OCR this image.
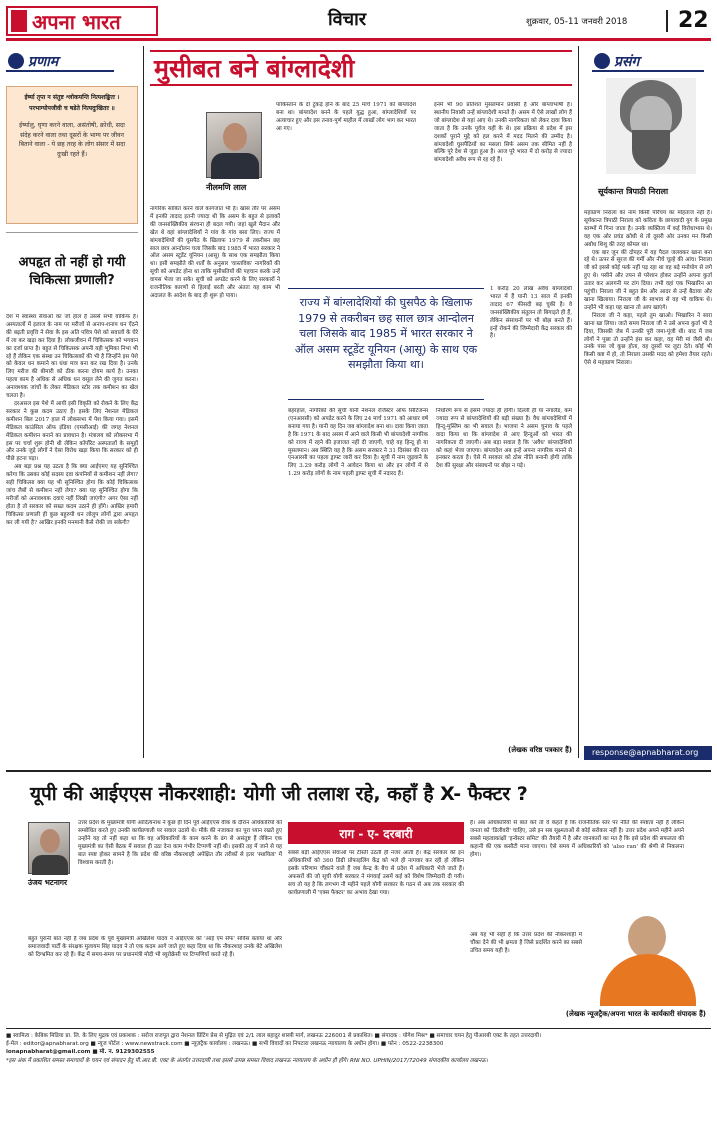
अपना भारत	विचार	शुक्रवार, 05-11 जनवरी 2018 22
प्रणाम

ईर्ष्या तृप्त न संतुष्ट श्लोकयन्ति नित्यशङ्कितः ।

परभाग्योपजीवी च षडेते नित्यदुःखिताः ॥

ईर्ष्यालु, घृणा करने वाला, असंतोषी, क्रोधी, सदा संदेह करने वाला तथा दूसरों के भाग्य पर जीवन बिताने वाला - ये छह तरह के लोग संसार में सदा दुःखी रहते हैं।

अपहृत तो नहीं हो गयी चिकित्सा प्रणाली?

देश में स्वास्थ्य सेवाओं का जो हाल है उससे सभी वाकिफ हैं। अस्पतालों में इलाज के नाम पर मरीजों से अनाप-शनाप धन ऐंठने की बढ़ती प्रवृत्ति ने सेवा के इस अति पवित्र पेशे को सवालों के घेरे में ला कर खड़ा कर दिया है। लोकजीवन में चिकित्सक को भगवान का दर्जा प्राप्त है। बहुत से चिकित्सक अपनी यही भूमिका निभा भी रहे हैं लेकिन एक संस्था उन चिकित्सकों की भी है जिन्होंने इस पेशे को केवल धन कमाने का धंधा मात्र बना कर रख दिया है। उनके लिए मरीज की बीमारी को ठीक करना दोयम कार्य है। उनका पहला काम है अधिक से अधिक धन वसूल लेने की जुगत करना। अनावश्यक जांचों के लेकर मेडिकल स्टोर तक कमीशन का खेल चलता है।

दरअसल इस पेशे में आयी इसी विकृति को रोकने के लिए केंद्र सरकार ने कुछ कदम उठाए हैं। इसके लिए नेशनल मेडिकल कमीशन बिल 2017 हाल में लोकसभा में पेश किया गया। इसमें मेडिकल काउंसिल ऑफ इंडिया (एमसीआई) की जगह नेशनल मेडिकल कमीशन बनाने का प्रावधान है। मंत्रालय को लोकसभा में इस पर चर्चा शुरू होनी थी लेकिन कॉर्पोरेट अस्पतालों के समूहों और उनके जुड़े लोगों ने ऐसा विरोध खड़ा किया कि सरकार को ही पीछे हटना पड़ा।

अब बड़ा प्रश्न यह उठता है कि क्या आईएमए यह सुनिश्चित करेगा कि उसका कोई सदस्य दवा कंपनियों से कमीशन नहीं लेगा? सही चिकित्सा क्या यह भी सुनिश्चित होगा कि कोई चिकित्सक जांच लैबों से कमीशन नहीं लेगा? क्या यह सुनिश्चित होगा कि मरीजों को अनावश्यक दवाएं नहीं लिखी जाएंगी? अगर ऐसा नहीं होता है तो सरकार को सख्त कदम उठाने ही होंगे। आखिर हमारी चिकित्सा प्रणाली ही कुछ बहुरुपी धन लोलुप लोगों द्वारा अपहृत कर ली गयी है? आखिर इनकी मनमानी कैसे रोकी जा सकेगी?

मुसीबत बने बांग्लादेशी
नीलमणि लाल

पाकिस्तान के दो टुकड़े होने के बाद 25 मार्च 1971 को बांग्लादेश बना था। बांग्लादेश बनने के पहले युद्ध हुआ, बांग्लादेशियों पर अत्याचार हुए और इस तनाव-पूर्ण माहौल में लाखों लोग भाग कर भारत आ गए।

नागरिक साबित करने वाले कागजात भी हैं। खास तौर पर असम में इनकी तादाद इतनी ज्यादा थी कि असम के बहुत से इलाकों की जनसांख्यिकीय संरचना ही बदल गयी। जहां खुले मैदान और खेत थे वहां बांग्लादेशियों ने गांव के गांव बसा लिए। राज्य में बांग्लादेशियों की घुसपैठ के खिलाफ 1979 से तकरीबन छह साल छात्र आन्दोलन चला जिसके बाद 1985 में भारत सरकार ने ऑल असम स्टूडेंट यूनियन (आसू) के साथ एक समझौता किया था। इसी समझौते की शर्तों के अनुसार 'वास्तविक' नागरिकों की सूची को अपडेट होना था ताकि मुसीबतियों की पहचान करके उन्हें वापस भेजा जा सके। सूची को अपडेट करने के लिए सरकारों ने राजनीतिक कारणों से हिलाई बरती और अंततः यह काम भी अदालत के आदेश के बाद ही शुरू हो पाया।

इनमें भी 90 प्रतिशत मुसलमान प्रवासी हैं और बांग्लाभाषी हैं। स्थानीय निवासी उन्हें बांग्लादेशी मानते हैं। असम में ऐसे लाखों लोग हैं जो बांग्लादेश से यहां आए थे। उनकी नागरिकता को लेकर दावा किया जाता है कि उनके पूर्वज यहीं के थे। इस प्रक्रिया से प्रदेश में इस दशकों पुराने मुद्दे को हल करने में मदद मिलने की उम्मीद है। बांग्लादेशी घुसपैठियों का मसला सिर्फ असम तक सीमित नहीं है बल्कि पूरे देश से जुड़ा हुआ है। आज पूरे भारत में दो करोड़ से ज्यादा बांग्लादेशी अवैध रूप से रह रहे हैं।

1 करोड़ 20 लाख अवैध बांग्लादेशी भारत में हैं यानी 13 साल में इनकी तादाद 67 फीसदी बढ़ चुकी है। वे जनसांख्यिकीय संतुलन तो बिगाड़ते ही हैं, लेकिन संसाधनों पर भी बोझ बनते हैं। इन्हें रोकने की जिम्मेदारी केंद्र सरकार की है।

राज्य में बांग्लादेशियों की घुसपैठ के खिलाफ 1979 से तकरीबन छह साल छात्र आन्दोलन चला जिसके बाद 1985 में भारत सरकार ने ऑल असम स्टूडेंट यूनियन (आसू) के साथ एक समझौता किया था।

बहरहाल, नागरिकों की सूची यानी नेशनल रजिस्टर ऑफ सिटिजन्स (एनआरसी) को अपडेट करने के लिए 24 मार्च 1971 को आधार वर्ष बनाया गया है। यानी वह दिन जब बांग्लादेश बना था। दावा किया जाता है कि 1971 के बाद असम में आने वाले किसी भी बांग्लादेशी नागरिक को राज्य में रहने की इजाजत नहीं दी जाएगी, चाहे वह हिन्दू हो या मुसलमान। अब स्थिति यह है कि असम सरकार ने 31 दिसंबर की रात एनआरसी का पहला ड्राफ्ट जारी कर दिया है। सूची में नाम जुड़वाने के लिए 3.29 करोड़ लोगों ने आवेदन किया था और इन लोगों में से 1.29 करोड़ लोगों के नाम पहली ड्राफ्ट सूची में नदारद हैं।

निर्धारण रूप से इसमें ज्यादा ही होगी। दिल्ली ही या नगालैंड, कम ज्यादा रूप से बांग्लादेशियों की बड़ी संख्या है। वैध बांग्लादेशियों में हिन्दू-मुस्लिम का भी सवाल है। भाजपा ने असम चुनाव के पहले वादा किया था कि बांग्लादेश से आए हिन्दुओं को भारत की नागरिकता दी जाएगी। अब बड़ा सवाल है कि 'अवैध' बांग्लादेशियों को कहां भेजा जाएगा। बांग्लादेश अब इन्हें अपना नागरिक मानने से इनकार करता है। ऐसे में सरकार को ठोस नीति बनानी होगी ताकि देश की सुरक्षा और संसाधनों पर बोझ न पड़े।

(लेखक वरिष्ठ पत्रकार हैं)
प्रसंग
सूर्यकान्त त्रिपाठी निराला

महाप्राण निराला का नाम किसी परिचय का मोहताज नहीं है। सूर्यकान्त त्रिपाठी निराला को कविता के छायावादी युग के प्रमुख स्तम्भों में गिना जाता है। उनके व्यक्तित्व में कई विरोधाभास थे। वह एक ओर प्रचंड क्रोधी थे तो दूसरी ओर उनका मन किसी अबोध शिशु की तरह कोमल था।

एक बार जून की दोपहर में वह पैदल जलवकर खाना बना रहे थे। ऊपर से सूरज की गर्मी और नीचे चूल्हे की आंच। निराला जी को इससे कोई फर्क नहीं पड़ रहा था वह बड़े मनोयोग से लगे हुए थे। पसीने और तपन से परेशान होकर उन्होंने अपना कुर्ता उतार कर अलगनी पर टांग दिया। तभी वहां एक भिखारिन आ पहुंची। निराला जी ने बहुत प्रेम और आदर से उन्हें बैठाया और खाना खिलाया। निराला जी के स्वभाव से वह भी वाकिफ थे। उन्होंने भी कहा यह खाना तो आप खाएंगे।

निराला जी ने कहा, पहले तुम खाओ। भिखारिन ने सारा खाना खा लिया। जाते समय निराला जी ने उसे अपना कुर्ता भी दे दिया, जिसकी जेब में उनकी पूरी जमा-पूंजी थी। बाद में जब लोगों ने पूछा तो उन्होंने हंस कर कहा, वह मेरी मां जैसी थी। उनके पास जो कुछ होता, वह दूसरों पर लुटा देते। कोई भी किसी कष्ट में हो, तो निराला उसकी मदद को हमेशा तैयार रहते। ऐसे थे महाप्राण निराला।

response@apnabharat.org
यूपी की आईएएस नौकरशाही: योगी जी तलाश रहे, कहाँ है X- फैक्टर ?
उंजय भटनागर

उत्तर प्रदेश के मुख्यमंत्री योगी आदित्यनाथ ने कुछ ही दिन पूर्व आईएएस वीक के दौरान अधिकारियों को सम्बोधित करते हुए उनकी कार्यप्रणाली पर सवाल उठाये थे। मौके की नजाकत का पूरा ध्यान रखते हुए उन्होंने यह तो नहीं कहा था कि वह अधिकारियों के काम करने के ढंग से असंतुष्ट हैं लेकिन एक मुख्यमंत्री का ऐसी बैठक में सवाल ही उठा देना काम गंभीर टिप्पणी नहीं थी। इसकी तह में जाने से यह बात स्पष्ट होकर सामने है कि प्रदेश की वरिष्ठ नौकरशाही अपेक्षित तौर तरीकों से इतर 'स्थायित्व' में विश्वास करती है।

बहुत पुरानी बात नहीं है जब प्रदेश के पूर्व मुख्यमंत्री अखिलेश यादव ने आईएएस को 'आई एम सेफ' सर्विस बताया था और समाजवादी पार्टी के संरक्षक मुलायम सिंह यादव ने तो एक कदम आगे जाते हुए कहा दिया था कि नौकरशाह उनके बेटे अखिलेश को दिग्भ्रमित कर रहे हैं। केंद्र में समय-समय पर प्रधानमंत्री मोदी भी ब्यूरोक्रेसी पर टिप्पणियाँ करते रहे हैं।

राग - ए- दरबारी

सबसे बड़ी आईएएस सेवाओं पर टीस्ती उठती ही नजर आती है। केंद्र सरकार की इन अधिकारियों को 360 डिग्री प्रोफाइलिंग केंद्र को भले ही नागवार कर रही हो लेकिन इसके परिणाम चौंकाने वाले हैं जब केन्द्र के बैच से प्रदेश में अधिकारी भेजे जाते हैं। अफसरों की जो सूची योगी सरकार ने मंगवाई उसमें कई को विशेष जिम्मेदारी दी गयी। सच तो यह है कि लगभग नौ महीने पहले योगी सरकार के गठन से अब तक सरकार की कार्यप्रणाली में 'एक्स फैक्टर' का अभाव देखा गया।

है। अब अधिकारियों से बात करें तो वे कहते हैं कि राजनीतिक स्तर पर नीति की स्पष्टता नहीं है लेकिन जनता को 'डिलीवरी' चाहिए, उसे इन सब सूक्ष्मताओं से कोई सरोकार नहीं है। उत्तर प्रदेश अपने महीने अपने सबसे महत्वाकांक्षी 'इन्वेस्टर समिट' की तैयारी में है और जानकारों का मत है कि इसे प्रदेश की सफलता की कहानी की एक कसौटी माना जाएगा। ऐसे समय में अधिकारियों को 'also ran' की श्रेणी से निकलना होगा।

अब यह भी सही है कि उत्तर प्रदेश की नौकरशाही में चौंका देने की भी क्षमता है जिसे प्रदर्शित करने का सबसे उचित समय यही है।

(लेखक न्यूजट्रैक/अपना भारत के कार्यकारी संपादक हैं)

■ स्वामित्व : केबिक मिडिया प्रा. लि. के लिए मुद्रक एवं प्रकाशक : सरोज राजपूत द्वारा नेशनल प्रिंटिंग प्रेस से मुद्रित एवं 2/1 लाल बहादुर शास्त्री मार्ग, लखनऊ 226001 से प्रकाशित। ■ संपादक : योगेश मिश्र* ■ समाचार चयन हेतु पीआरबी एक्ट के तहत उत्तरदायी।

ई-मेल : editor@apnabharat.org ■ न्यूज पोर्टल : www.newstrack.com ■ न्यूज़ट्रैक कार्यालय : लखनऊ। ■ सभी विवादों का निपटारा लखनऊ न्यायालय के अधीन होगा। ■ फोन : 0522-2238300

ionapnabharat@gmail.com ■ मो. न. 9129302555

*इस अंक में प्रकाशित समस्त समाचारों के चयन एवं संपादन हेतु पी.आर.बी. एक्ट के अंतर्गत उत्तरदायी तथा इससे उत्पन्न समस्त विवाद लखनऊ न्यायालय के अधीन ही होंगे। RNI NO. UPHIN/2017/72049 संपादकीय कार्यालय लखनऊ।
